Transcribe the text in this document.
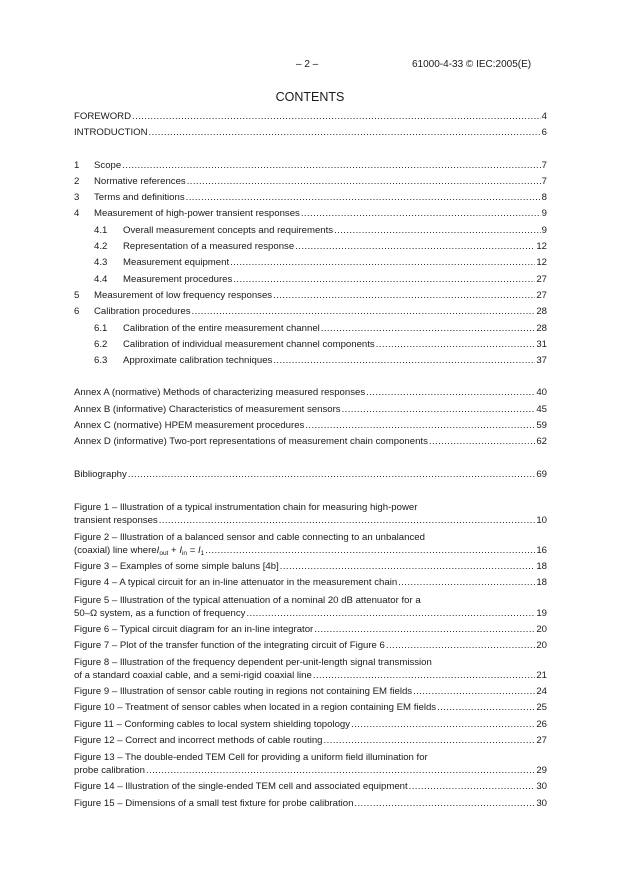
– 2 –	61000-4-33 © IEC:2005(E)
CONTENTS
FOREWORD .....	4
INTRODUCTION .....	6
1	Scope .....	7
2	Normative references .....	7
3	Terms and definitions .....	8
4	Measurement of high-power transient responses .....	9
4.1	Overall measurement concepts and requirements .....	9
4.2	Representation of a measured response .....	12
4.3	Measurement equipment .....	12
4.4	Measurement procedures .....	27
5	Measurement of low frequency responses .....	27
6	Calibration procedures .....	28
6.1	Calibration of the entire measurement channel .....	28
6.2	Calibration of individual measurement channel components .....	31
6.3	Approximate calibration techniques .....	37
Annex A (normative) Methods of characterizing measured responses .....	40
Annex B (informative) Characteristics of measurement sensors .....	45
Annex C (normative) HPEM measurement procedures .....	59
Annex D (informative) Two-port representations of measurement chain components .....	62
Bibliography .....	69
Figure 1 – Illustration of a typical instrumentation chain for measuring high-power
transient responses .....	10
Figure 2 – Illustration of a balanced sensor and cable connecting to an unbalanced
(coaxial) line where $I_{out} + I_{in} = I_1$ .....	16
Figure 3 – Examples of some simple baluns [4b] .....	18
Figure 4 – A typical circuit for an in-line attenuator in the measurement chain .....	18
Figure 5 – Illustration of the typical attenuation of a nominal 20 dB attenuator for a
50–Ω system, as a function of frequency .....	19
Figure 6 – Typical circuit diagram for an in-line integrator .....	20
Figure 7 – Plot of the transfer function of the integrating circuit of Figure 6 .....	20
Figure 8 – Illustration of the frequency dependent per-unit-length signal transmission
of a standard coaxial cable, and a semi-rigid coaxial line .....	21
Figure 9 – Illustration of sensor cable routing in regions not containing EM fields .....	24
Figure 10 – Treatment of sensor cables when located in a region containing EM fields .....	25
Figure 11 – Conforming cables to local system shielding topology .....	26
Figure 12 – Correct and incorrect methods of cable routing .....	27
Figure 13 – The double-ended TEM Cell for providing a uniform field illumination for
probe calibration .....	29
Figure 14 – Illustration of the single-ended TEM cell and associated equipment .....	30
Figure 15 – Dimensions of a small test fixture for probe calibration .....	30
